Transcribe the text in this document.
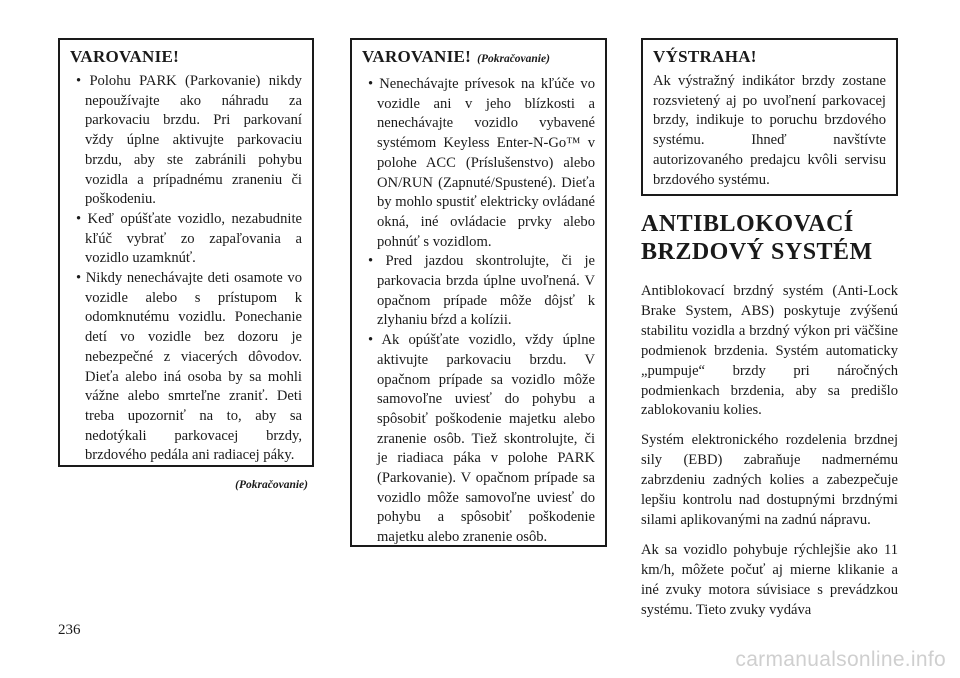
VAROVANIE!
• Polohu PARK (Parkovanie) nikdy nepoužívajte ako náhradu za parkovaciu brzdu. Pri parkovaní vždy úplne aktivujte parkovaciu brzdu, aby ste zabránili pohybu vozidla a prípadnému zraneniu či poškodeniu.
• Keď opúšťate vozidlo, nezabudnite kľúč vybrať zo zapaľovania a vozidlo uzamknúť.
• Nikdy nenechávajte deti osamote vo vozidle alebo s prístupom k odomknutému vozidlu. Ponechanie detí vo vozidle bez dozoru je nebezpečné z viacerých dôvodov. Dieťa alebo iná osoba by sa mohli vážne alebo smrteľne zraniť. Deti treba upozorniť na to, aby sa nedotýkali parkovacej brzdy, brzdového pedála ani radiacej páky.
(Pokračovanie)
VAROVANIE! (Pokračovanie)
• Nenechávajte prívesok na kľúče vo vozidle ani v jeho blízkosti a nenechávajte vozidlo vybavené systémom Keyless Enter-N-Go™ v polohe ACC (Príslušenstvo) alebo ON/RUN (Zapnuté/Spustené). Dieťa by mohlo spustiť elektricky ovládané okná, iné ovládacie prvky alebo pohnúť s vozidlom.
• Pred jazdou skontrolujte, či je parkovacia brzda úplne uvoľnená. V opačnom prípade môže dôjsť k zlyhaniu bŕzd a kolízii.
• Ak opúšťate vozidlo, vždy úplne aktivujte parkovaciu brzdu. V opačnom prípade sa vozidlo môže samovoľne uviesť do pohybu a spôsobiť poškodenie majetku alebo zranenie osôb. Tiež skontrolujte, či je riadiaca páka v polohe PARK (Parkovanie). V opačnom prípade sa vozidlo môže samovoľne uviesť do pohybu a spôsobiť poškodenie majetku alebo zranenie osôb.
VÝSTRAHA!

Ak výstražný indikátor brzdy zostane rozsvietený aj po uvoľnení parkovacej brzdy, indikuje to poruchu brzdového systému. Ihneď navštívte autorizovaného predajcu kvôli servisu brzdového systému.

ANTIBLOKOVACÍ
BRZDOVÝ SYSTÉM

Antiblokovací brzdný systém (Anti-Lock Brake System, ABS) poskytuje zvýšenú stabilitu vozidla a brzdný výkon pri väčšine podmienok brzdenia. Systém automaticky „pumpuje“ brzdy pri náročných podmienkach brzdenia, aby sa predišlo zablokovaniu kolies.

Systém elektronického rozdelenia brzdnej sily (EBD) zabraňuje nadmernému zabrzdeniu zadných kolies a zabezpečuje lepšiu kontrolu nad dostupnými brzdnými silami aplikovanými na zadnú nápravu.

Ak sa vozidlo pohybuje rýchlejšie ako 11 km/h, môžete počuť aj mierne klikanie a iné zvuky motora súvisiace s prevádzkou systému. Tieto zvuky vydáva

236
carmanualsonline.info
